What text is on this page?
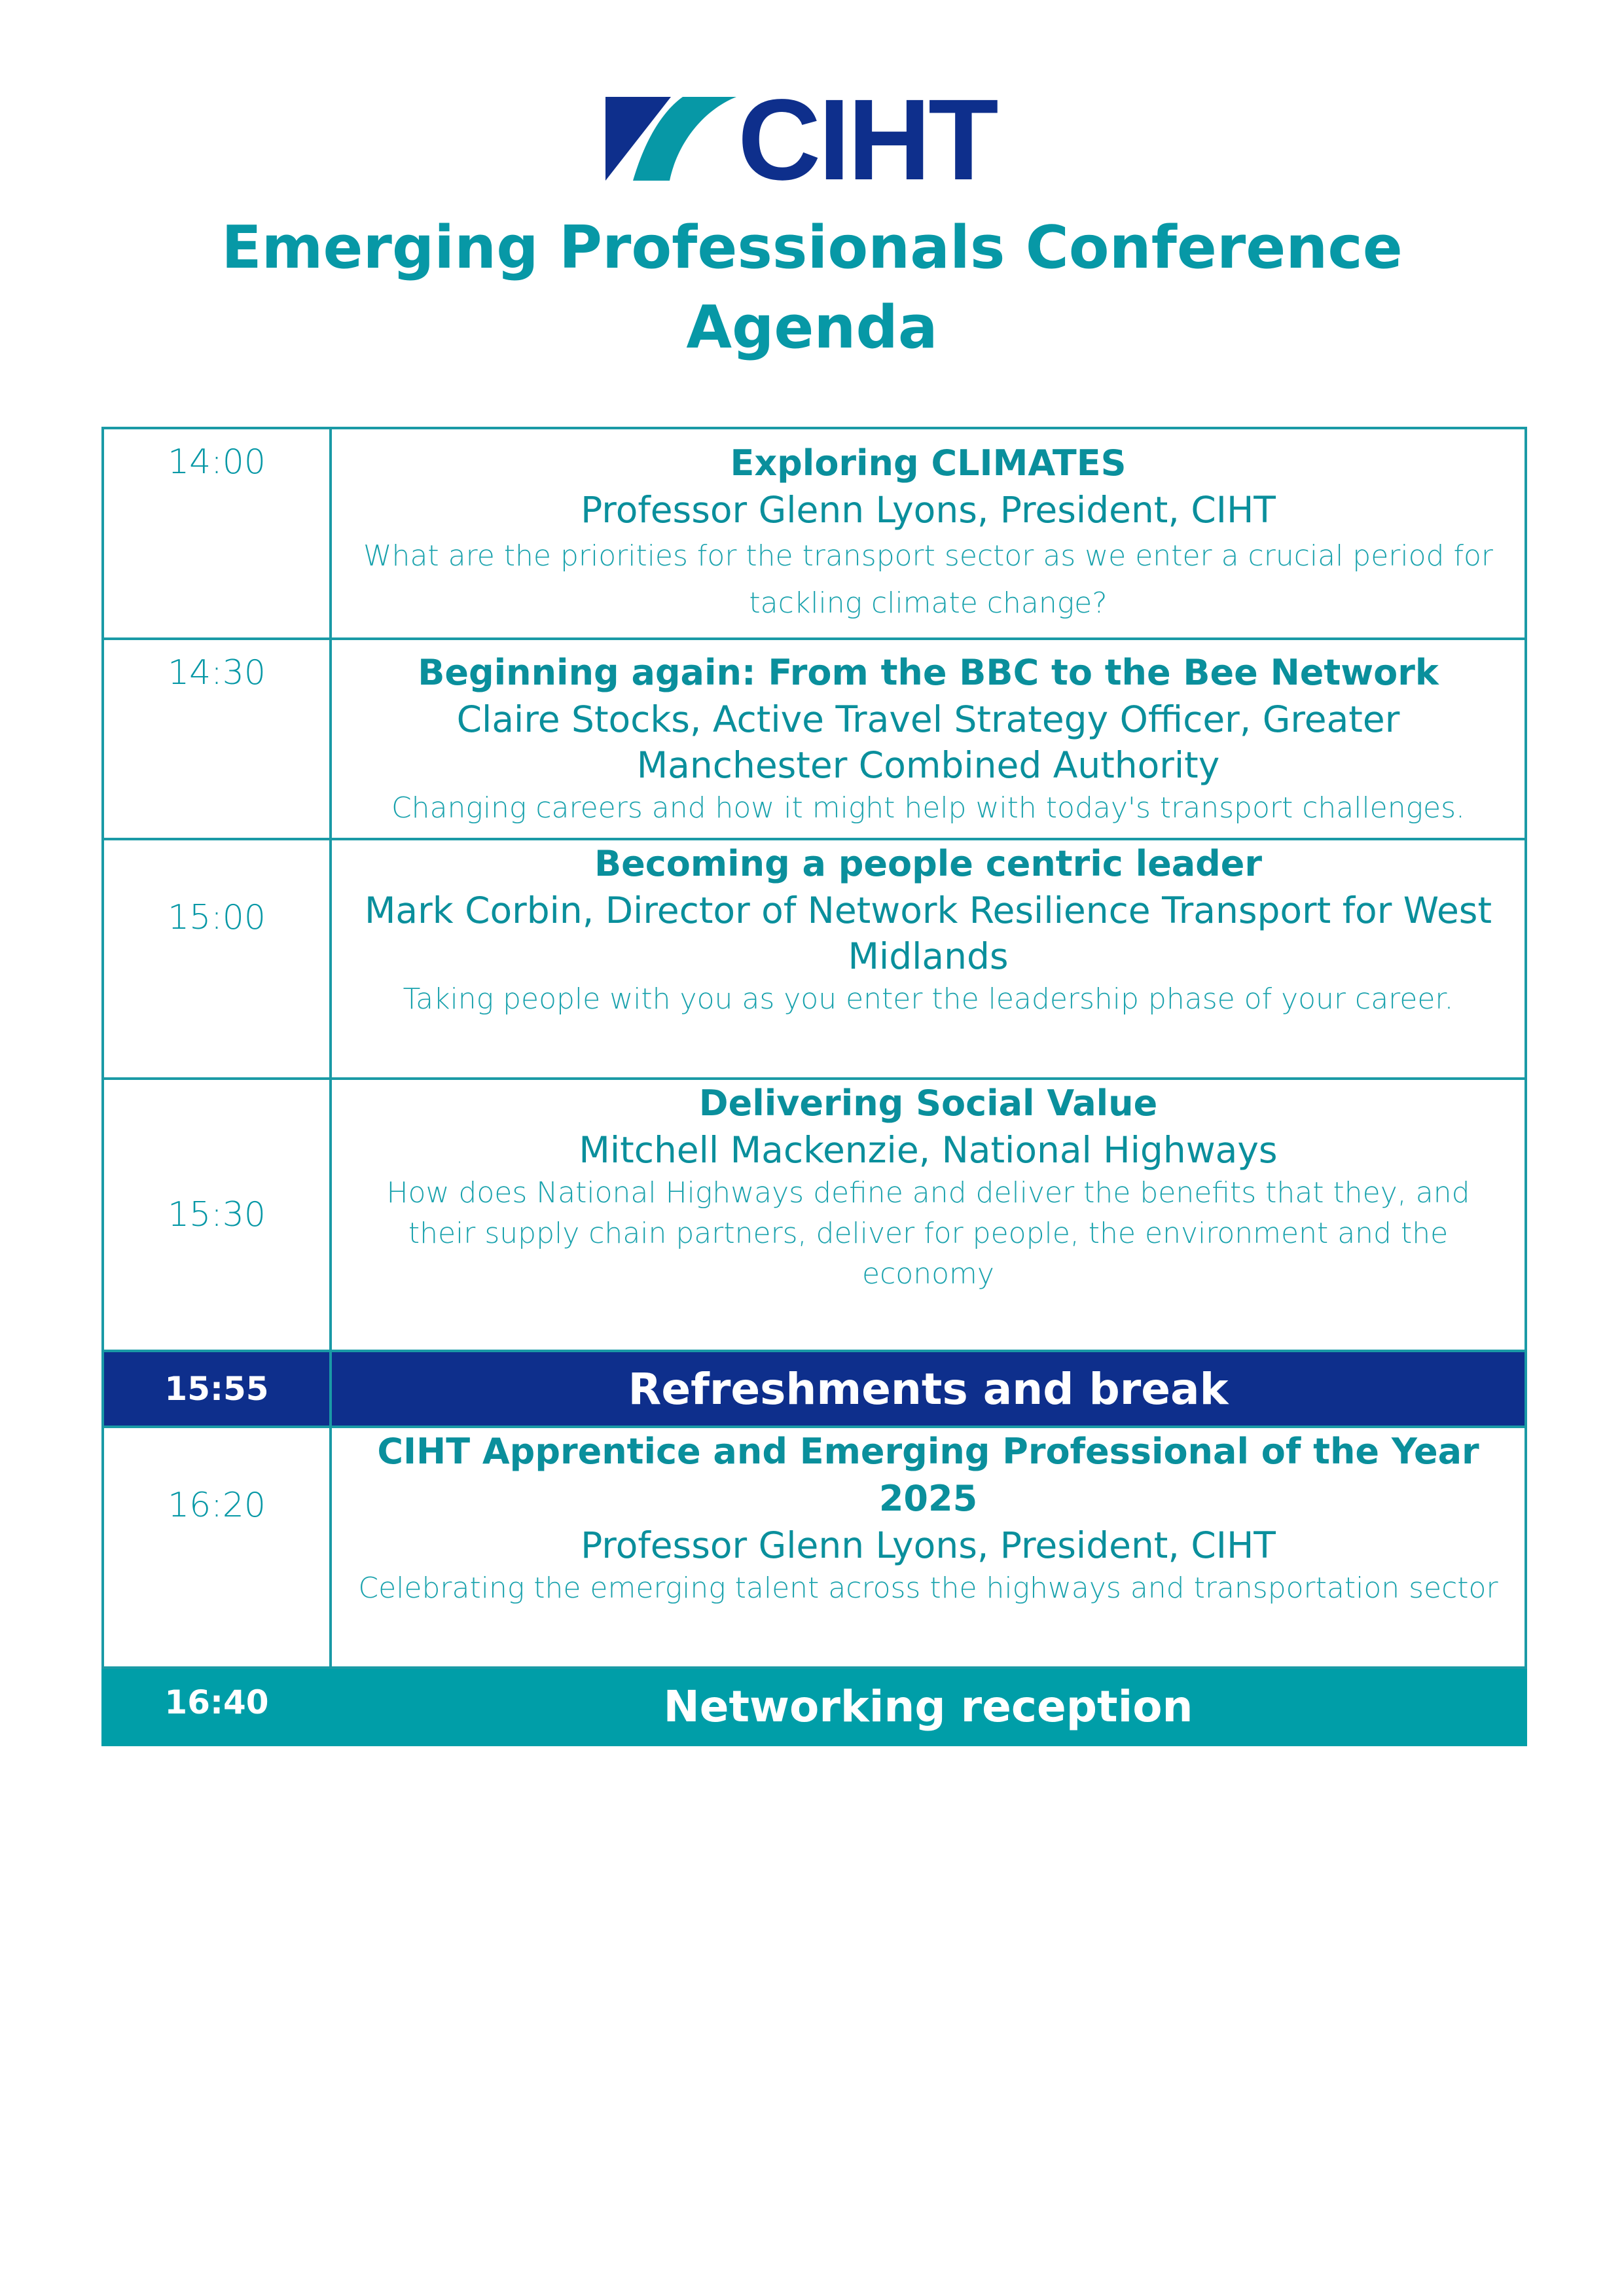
CIHT
Emerging Professionals Conference
Agenda
14:00	Exploring CLIMATES
Professor Glenn Lyons, President, CIHT
What are the priorities for the transport sector as we enter a crucial period for tackling climate change?

14:30	Beginning again: From the BBC to the Bee Network
Claire Stocks, Active Travel Strategy Officer, Greater Manchester Combined Authority
Changing careers and how it might help with today's transport challenges.

15:00	Becoming a people centric leader
Mark Corbin, Director of Network Resilience Transport for West Midlands
Taking people with you as you enter the leadership phase of your career.

15:30	Delivering Social Value
Mitchell Mackenzie, National Highways
How does National Highways define and deliver the benefits that they, and their supply chain partners, deliver for people, the environment and the economy

15:55	Refreshments and break
16:20	CIHT Apprentice and Emerging Professional of the Year 2025
Professor Glenn Lyons, President, CIHT
Celebrating the emerging talent across the highways and transportation sector

16:40	Networking reception
